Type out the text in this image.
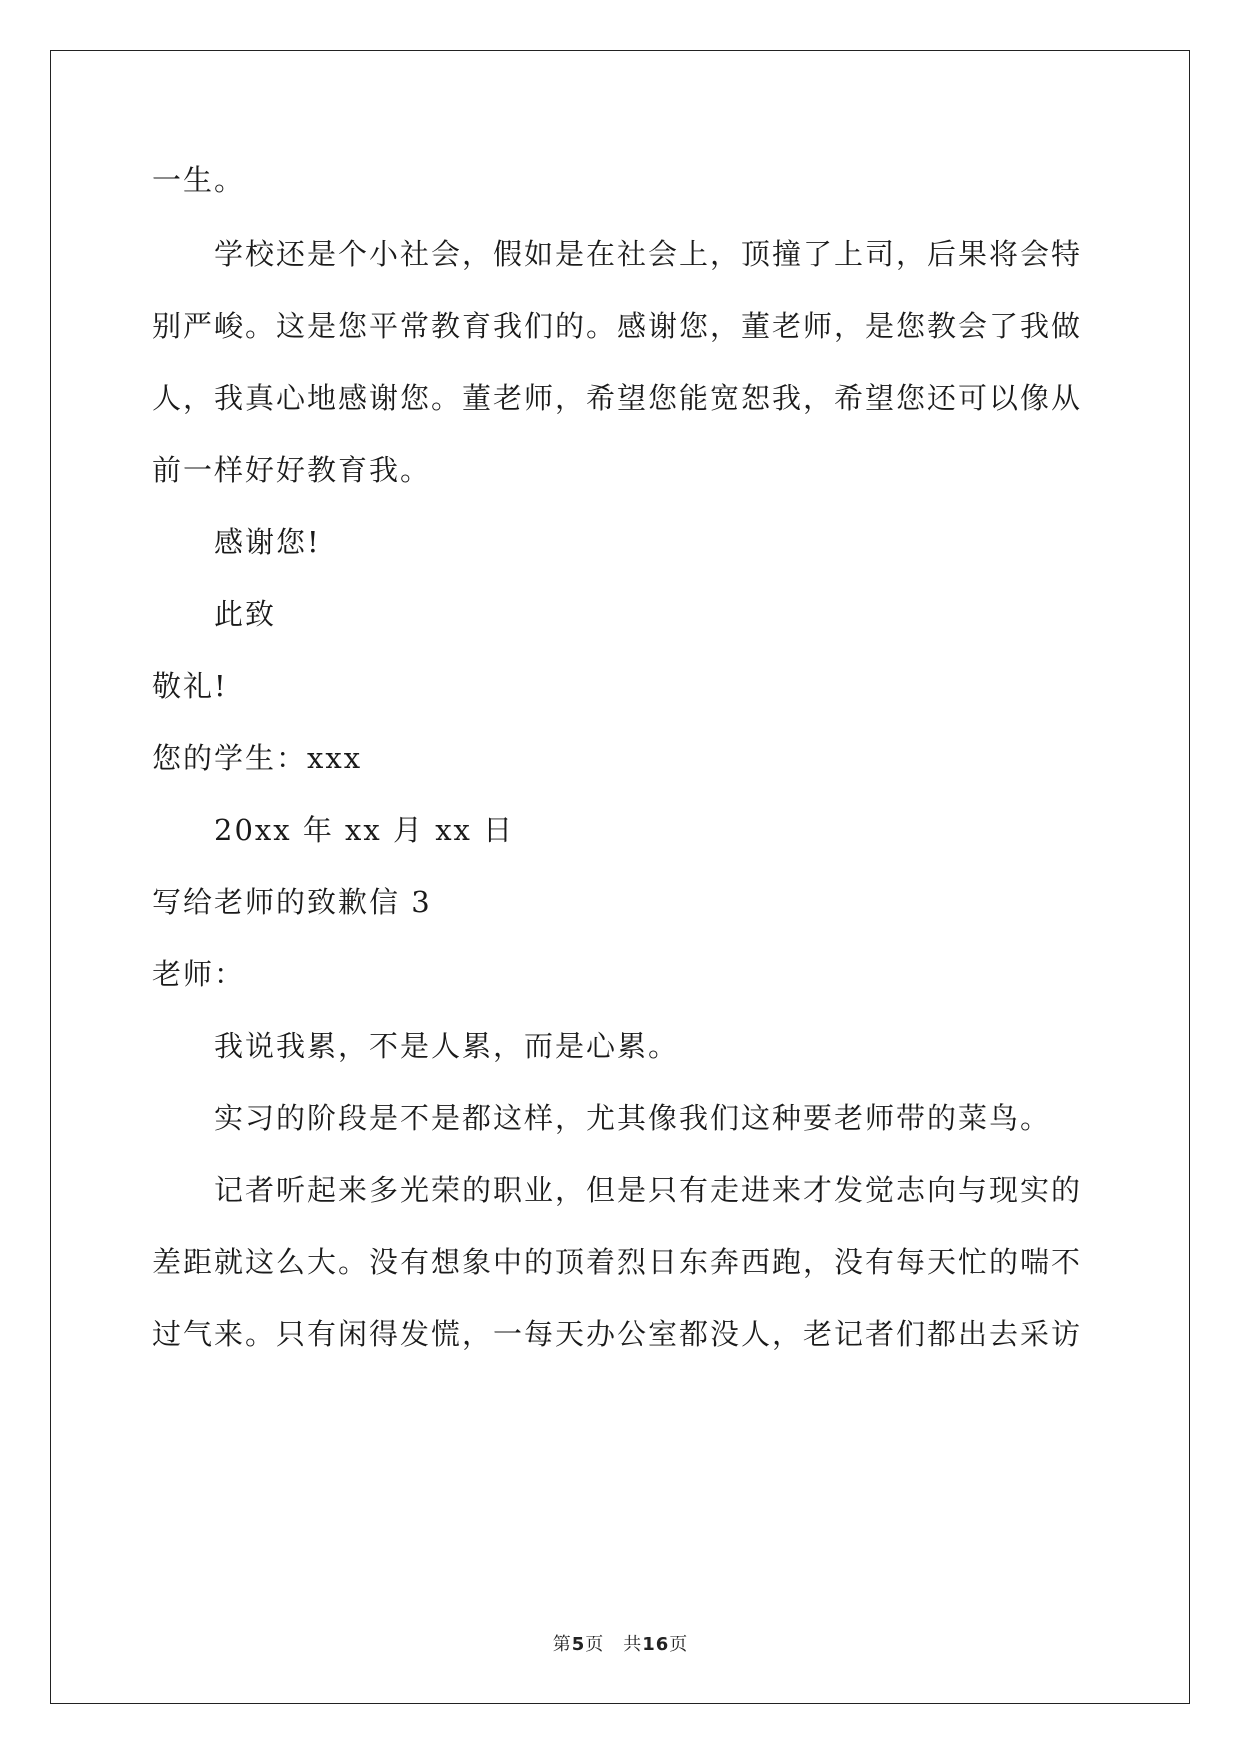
一生。
学校还是个小社会，假如是在社会上，顶撞了上司，后果将会特
别严峻。这是您平常教育我们的。感谢您，董老师，是您教会了我做
人，我真心地感谢您。董老师，希望您能宽恕我，希望您还可以像从
前一样好好教育我。
感谢您!
此致
敬礼!
您的学生：xxx
20xx 年 xx 月 xx 日
写给老师的致歉信 3
老师：
我说我累，不是人累，而是心累。
实习的阶段是不是都这样，尤其像我们这种要老师带的菜鸟。
记者听起来多光荣的职业，但是只有走进来才发觉志向与现实的
差距就这么大。没有想象中的顶着烈日东奔西跑，没有每天忙的喘不
过气来。只有闲得发慌，一每天办公室都没人，老记者们都出去采访
第5页　共16页
